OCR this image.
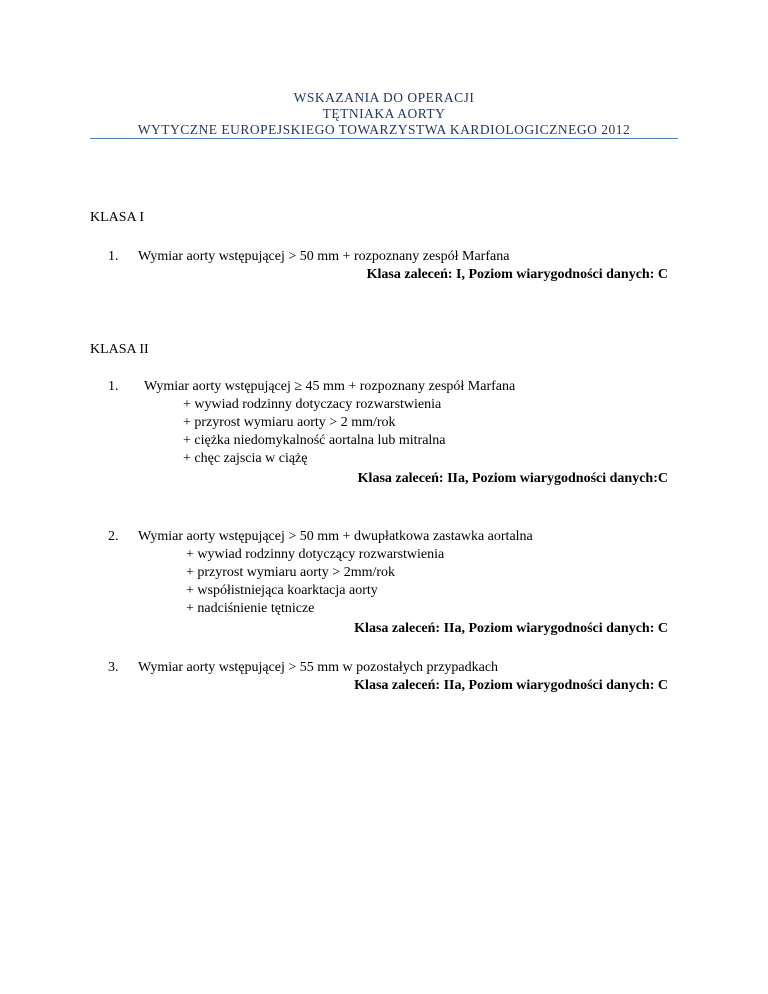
WSKAZANIA DO OPERACJI
TĘTNIAKA AORTY
WYTYCZNE EUROPEJSKIEGO TOWARZYSTWA KARDIOLOGICZNEGO 2012
KLASA I
1. Wymiar aorty wstępującej > 50 mm + rozpoznany zespół Marfana
Klasa zaleceń: I, Poziom wiarygodności danych: C
KLASA II
1. Wymiar aorty wstępującej ≥ 45 mm + rozpoznany zespół Marfana
+ wywiad rodzinny dotyczacy rozwarstwienia
+ przyrost wymiaru aorty > 2 mm/rok
+ ciężka niedomykalność aortalna lub mitralna
+ chęc zajscia w ciążę
Klasa zaleceń: IIa, Poziom wiarygodności danych:C
2. Wymiar aorty wstępującej > 50 mm + dwupłatkowa zastawka aortalna
+ wywiad rodzinny dotyczący rozwarstwienia
+ przyrost wymiaru aorty > 2mm/rok
+ współistniejąca koarktacja aorty
+ nadciśnienie tętnicze
Klasa zaleceń: IIa, Poziom wiarygodności danych: C
3. Wymiar aorty wstępującej > 55 mm w pozostałych przypadkach
Klasa zaleceń: IIa, Poziom wiarygodności danych: C
